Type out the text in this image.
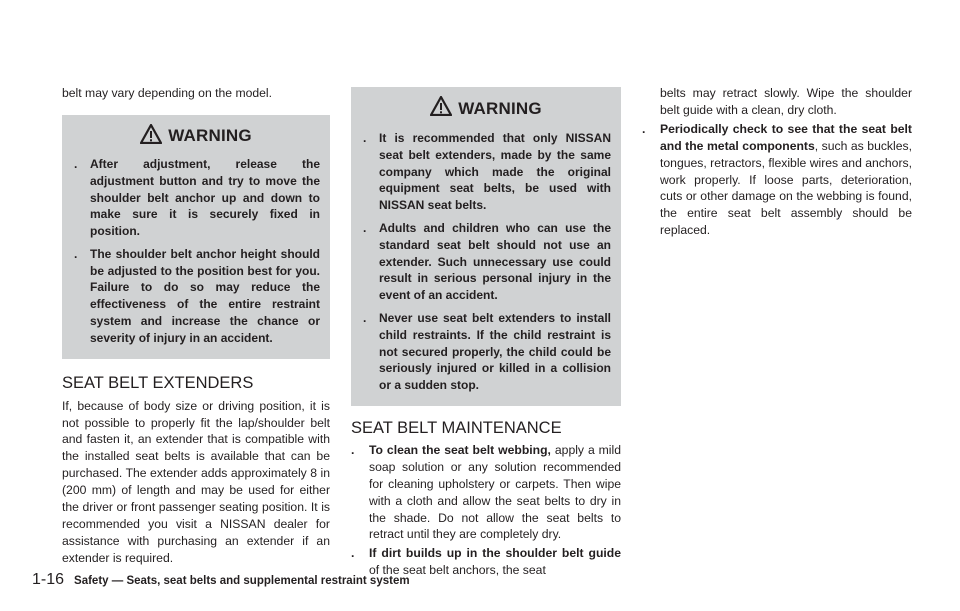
belt may vary depending on the model.

WARNING
.	After adjustment, release the adjustment button and try to move the shoulder belt anchor up and down to make sure it is securely fixed in position.
.	The shoulder belt anchor height should be adjusted to the position best for you. Failure to do so may reduce the effectiveness of the entire restraint system and increase the chance or severity of injury in an accident.
SEAT BELT EXTENDERS

If, because of body size or driving position, it is not possible to properly fit the lap/shoulder belt and fasten it, an extender that is compatible with the installed seat belts is available that can be purchased. The extender adds approximately 8 in (200 mm) of length and may be used for either the driver or front passenger seating position. It is recommended you visit a NISSAN dealer for assistance with purchasing an extender if an extender is required.

WARNING
.	It is recommended that only NISSAN seat belt extenders, made by the same company which made the original equipment seat belts, be used with NISSAN seat belts.
.	Adults and children who can use the standard seat belt should not use an extender. Such unnecessary use could result in serious personal injury in the event of an accident.
.	Never use seat belt extenders to install child restraints. If the child restraint is not secured properly, the child could be seriously injured or killed in a collision or a sudden stop.
SEAT BELT MAINTENANCE
.	To clean the seat belt webbing, apply a mild soap solution or any solution recommended for cleaning upholstery or carpets. Then wipe with a cloth and allow the seat belts to dry in the shade. Do not allow the seat belts to retract until they are completely dry.
.	If dirt builds up in the shoulder belt guide of the seat belt anchors, the seat
belts may retract slowly. Wipe the shoulder belt guide with a clean, dry cloth.
.	Periodically check to see that the seat belt and the metal components, such as buckles, tongues, retractors, flexible wires and anchors, work properly. If loose parts, deterioration, cuts or other damage on the webbing is found, the entire seat belt assembly should be replaced.
1-16 Safety — Seats, seat belts and supplemental restraint system
